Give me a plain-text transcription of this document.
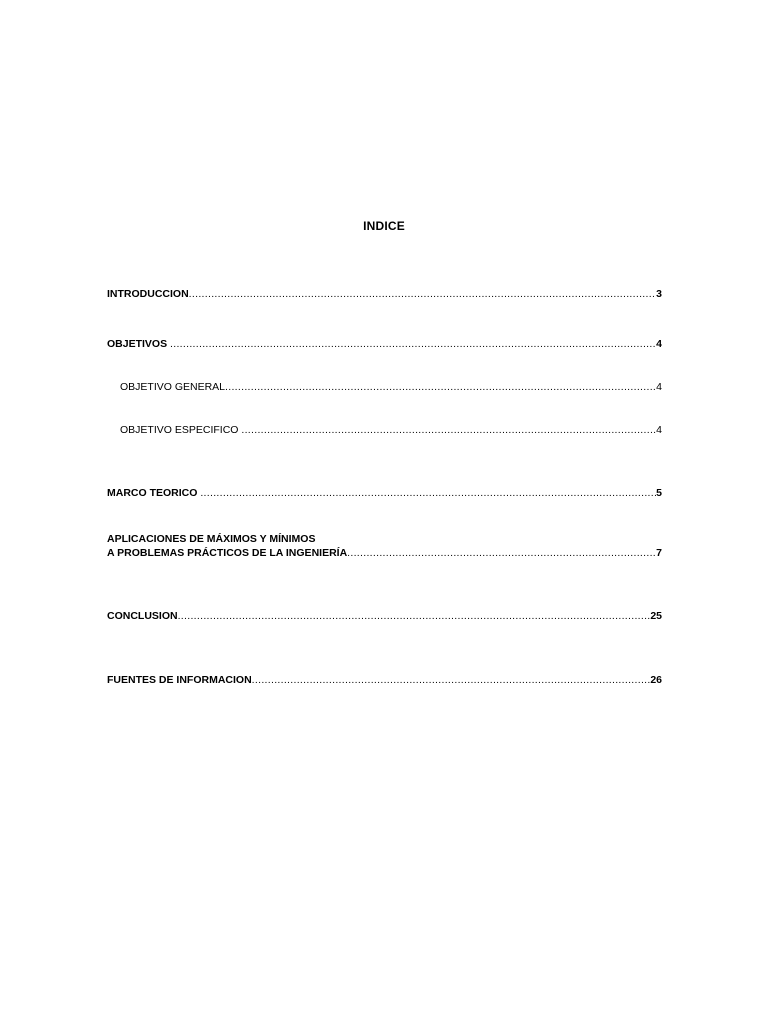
INDICE
INTRODUCCION .....	3
OBJETIVOS .....	4
OBJETIVO GENERAL .....	4
OBJETIVO ESPECIFICO .....	4
MARCO TEORICO .....	5
APLICACIONES DE MÁXIMOS Y MÍNIMOS
A PROBLEMAS PRÁCTICOS DE LA INGENIERÍA .....	7
CONCLUSION .....	25
FUENTES DE INFORMACION .....	26
